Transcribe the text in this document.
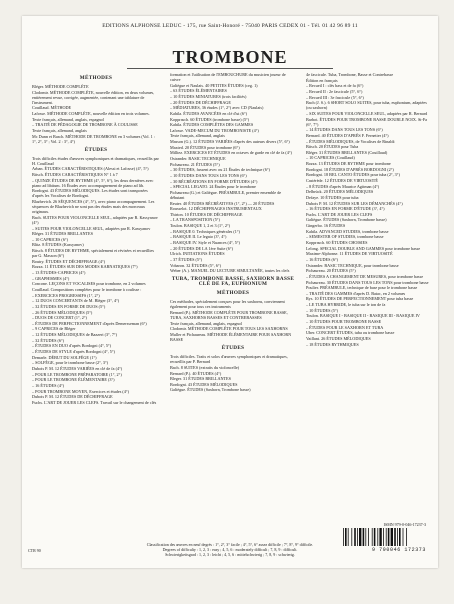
EDITIONS ALPHONSE LEDUC - 175, rue Saint-Honoré - 75040 PARIS CEDEX 01 - Tél. 01 42 96 89 11
TROMBONE
MÉTHODES
Bléger. MÉTHODE COMPLÈTE
Clodomir. MÉTHODE COMPLÈTE, nouvelle édition, en deux volumes, entièrement revue, corrigée, augmentée, contenant une tablature de l'instrument.
Couillaud. MÉTHODE
Lafosse. MÉTHODE COMPLÈTE, nouvelle édition en trois volumes.
Texte français, allemand, anglais, espagnol
– TRAITÉ DE PÉDAGOGIE DE TROMBONE À COULISSE
Texte français, allemand, anglais
Mc Dunn et Basch. MÉTHODE DE TROMBONE en 3 volumes (Vol. 1 : 1°, 2°, 3° ; Vol. 2 : 3°, 4°)
ÉTUDES
Trois difficiles études d'œuvres symphoniques et dramatiques, recueillis par H. Couillaud
Arban. ÉTUDES CARACTÉRISTIQUES (Alessi et Lafosse) (4°, 5°)
Bitsch. ÉTUDES CARACTÉRISTIQUES N° 1 à 7
– QUINZE ÉTUDES DE RYTHME (4°, 5°, 6°), les deux dernières avec piano ad libitum. 16 Études avec accompagnement de piano ad lib.
Bordogni. 43 ÉTUDES MÉLODIQUES. Les études sont transposées d'après les Vocalises de Bordogni.
Blazhevich. 26 SÉQUENCES (4°, 5°), avec piano accompagnement. Les séquences de Blazhevich ne sont pas des études mais des morceaux originaux.
Bach. SUITES POUR VIOLONCELLE SEUL, adaptées par R. Kassyanov (4°)
– SUITES POUR VIOLONCELLE SEUL, adaptées par R. Kassyanov
Bléger. 31 ÉTUDES BRILLANTES
– 10 CAPRICES (6°)
Blitz. 8 ÉTUDES (Kassyanov)
Bitsch. 8 ÉTUDES DE RYTHME, spécialement et révisées et recueillies par G. Masson (6°)
Boutry. ÉTUDES ET DÉCHIFFRAGE (4°)
Bozza. 11 ÉTUDES SUR DES MODES KARNATIQUES (7°)
– 13 ÉTUDES-CAPRICES (4°)
– GRAPHISMES (4°)
Concone. LEÇONS ET VOCALISES pour trombone, en 2 volumes
Couillaud. Compositions complètes pour le trombone à coulisse :
– EXERCICES PROGRESSIFS (1°, 2°)
– 12 DUOS CONCERTANTS de M. Bléger (3°, 4°)
– 32 ÉTUDES EN FORME DE DUOS (5°)
– 26 ÉTUDES MÉLODIQUES (5°)
– DUOS DE CONCERT (1°, 2°)
– ÉTUDES DE PERFECTIONNEMENT d'après Demersseman (6°)
– 9 CAPRICES de Bléger
– 12 ÉTUDES MÉLODIQUES de Bazzeri (3°, 7°)
– 32 ÉTUDES (6°)
– ÉTUDES EN DUO d'après Bordogni (4°, 5°)
– ÉTUDES DE STYLE d'après Bordogni (4°, 5°)
Demarle. DÉBUT DU SOLFÈGE (1°)
– SOLFÈGE, pour le trombone basse (2°, 3°)
Dubois P. M. 12 ÉTUDES VARIÉES en clé de fa (4°)
– POUR LE TROMBONE PRÉPARATOIRE (1°, 2°)
– POUR LE TROMBONE ÉLÉMENTAIRE (3°)
– 16 ÉTUDES (4°)
– POUR TROMBONE MOYEN, Exercices et études (4°)
Dubois P. M. 12 ÉTUDES DE DÉCHIFFRAGE
Fuchs. L'ART DE JOUER LES CLEFS. Travail sur le changement de clés
formation et l'utilisation de l'EMBOUCHURE du musicien joueur de cuivre
Galiègue et Naulais. 40 PETITES ÉTUDES (ceg. 1)
– 63 ÉTUDES ÉLÉMENTAIRES
– 10 ÉTUDES MINIATURES (trois facilités)
– 20 ÉTUDES DE DÉCHIFFRAGE
– MÉDIATURES, 36 études (1°, 2°) avec CD (Naulais)
Kahila. ÉTUDES AVANCÉES en clé d'ut (6°)
Kopprasch. 60 ÉTUDES (trombone basse) (5°)
Kahila. ÉTUDES COMPLÈTES DES GAMMES
Lafosse. VADE-MECUM DU TROMBONISTE (4°)
Texte français, allemand, anglais
Masson (G.). 12 ÉTUDES VARIÉES d'après des auteurs divers (5°, 6°)
Maxted. 20 ÉTUDES pour trombone (6°)
Milliez. EXERCICES ET ÉTUDES en octaves de garde en clé de fa (4°)
Ostrander. BASIC TECHNIQUE
Pichaureau. 21 ÉTUDES (5°)
– 30 ÉTUDES, fussent avec ou 21 Études de technique (6°)
– 10 ÉTUDES DANS TOUS LES TONS (6°)
– 30 RÉCRÉATIONS EN FORME D'ÉTUDES (4°)
– SPECIAL LEGATO. 24 Études pour le trombone
Pichaureau (G.) et Galiègue. PRÉAMBULE, premier ensemble de débutant
Reuter. 40 ÉTUDES RÉCRÉATIVES (1°, 2°) — 20 ÉTUDES
Rousselot. 12 DÉCHIFFRAGES INSTRUMENTAUX
Thirion. 10 ÉTUDES DE DÉCHIFFRAGE
– LA TRANSPOSITION (5°)
Toulon. BASIQUE 1, 2 et 3 (1°, 2°)
– BASIQUE 0. Techniques générales (1°)
– BASIQUE II. Le legato (3°, 4°)
– BASIQUE IV. Style et Nuances (4°, 5°)
– 20 ÉTUDES DE LA 1ère Suite (6°)
Ulrich. INITIATIONS ÉTUDES
– 37 ÉTUDES (5°)
Vobaron. 32 ÉTUDES (5°, 6°)
Weber (A.). MANUEL DU LECTURE SIMULTANÉE, toutes les clefs
TUBA, TROMBONE BASSE, SAXHORN BASSE CLÉ DE FA, EUPHONIUM
MÉTHODES
Ces méthodes, spécialement conçues pour les saxhorns, conviennent également pour tous ces instruments
Bernard (P.). MÉTHODE COMPLÈTE POUR TROMBONE BASSE, TUBA, SAXHORNS BASSES ET CONTREBASSES
Texte français, allemand, anglais, espagnol
Clodomir. MÉTHODE COMPLÈTE POUR TOUS LES SAXHORNS
Muller et Pichaureau. MÉTHODE ÉLÉMENTAIRE POUR SAXHORN BASSE
ÉTUDES
Trois difficiles. Traits et solos d'œuvres symphoniques et dramatiques, recueillis par P. Bernard
Bach. 8 SUITES (extraits du violoncelle)
Bernard (P.). 40 ÉTUDES (4°)
Bleger. 31 ÉTUDES BRILLANTES
Bordogni. 43 ÉTUDES MÉLODIQUES
Galiègue. ÉTUDES (Saxhorn, Trombone basse)
4e fascicule. Tuba, Trombone, Basse et Contrebasse
Édition en français
– Recueil I : clés bass et de fa (6°)
– Recueil II : 2e fascicule (5°, 6°)
– Recueil III : 3e fascicule (5°, 6°)
Bach (J. S.). 6 SHORT SOLO SUITES, pour tuba, euphonium, adaptées (ou saxhorn)
– SIX SUITES POUR VIOLONCELLE SEUL, adaptées par R. Bernard
Barbot. ÉTUDES POUR TROMBONE BASSE DOUBLE NOIX. Si-Fa (6°, 7°)
– 14 ÉTUDES DANS TOUS LES TONS (6°)
Bernard. 40 ÉTUDES D'APRÈS F. Fernetier (4°)
– ÉTUDES MÉLODIQUES, de Vocalises de Rinaldi
Bitsch. 20 ÉTUDES pour Tuba
Bléger. 31 ÉTUDES BRILLANTES (Couillaud)
– 10 CAPRICES (Couillaud)
Bozza. 13 ÉTUDES DE RYTHME pour trombone
Bordogni. 18 ÉTUDES D'APRÈS BORDOGNI (2°)
Bordogni. 18 BEL CANTO ÉTUDES pour tuba (2°, 3°)
Castérède. 12 ÉTUDES DE VIRTUOSITÉ
– 8 ÉTUDES d'après Maurice Agitman (4°)
Delbrück. 20 ÉTUDES MÉLODIQUES
Defaye. 10 ÉTUDES pour tuba
Dubois P. M. 12 ÉTUDES SUR LES DÉMANCHÉS (4°)
– 16 ÉTUDES EN FORME D'ÉTUDE (3°, 4°)
Fuchs. L'ART DE JOUER LES CLEFS
Galiègue. ÉTUDES (Saxhorn, Trombone basse)
Gingerbo. 16 ÉTUDES
Kahila. ADVANCED STUDIES, trombone basse
– SEMESTER OF STUDIES, trombone basse
Kopprasch. 60 ÉTUDES CHOISIES
Lelong. SPECIAL DOUBLE AND GAMMES pour trombone basse
Maxime-Alphonse. 11 ÉTUDES DE VIRTUOSITÉ
– 16 ÉTUDES (6°)
Ostrander. BASIC TECHNIQUE, pour trombone basse
Pichaureau. 20 ÉTUDES (5°)
– ÉTUDES A CHANGEMENT DE MESURES, pour trombone basse
Pichaureau. 30 ÉTUDES DANS TOUS LES TONS pour trombone basse
Poulier. PRÉAMBULE, technique de base pour le trombone basse
– TRAITÉ DES GAMMES d'après D. Batac, en 2 volumes
Rys. 10 ÉTUDES DE PERFECTIONNEMENT pour tuba basse
– LE TUBA HYBRIDE, le tuba sur le ton de fa
– 10 ÉTUDES (5°)
Toulon. BASIQUE I - BASIQUE II - BASIQUE III - BASIQUE IV
– 10 ÉTUDES POUR TROMBONE BASSE
– ÉTUDES POUR LE SAXHORN ET TUBA
Uber. CONCERT ÉTUDES, tuba ou trombone basse
Vaillant. 26 ÉTUDES MÉLODIQUES
– 18 ÉTUDES RYTHMIQUES
ISMN 979-0-046-17237-3
9 790046 172373
Classification des œuvres en neuf degrés : 1°, 2°, 3° facile ; 4°, 5°, 6° assez difficile ; 7°, 8°, 9° difficile.
Degrees of difficulty : 1, 2, 3 : easy ; 4, 5, 6 : moderately difficult ; 7, 8, 9 : difficult.
Schwierigkeitsgrad : 1, 2, 3 : leicht ; 4, 5, 6 : mittelschwierig ; 7, 8, 9 : schwierig.
CTR 90
